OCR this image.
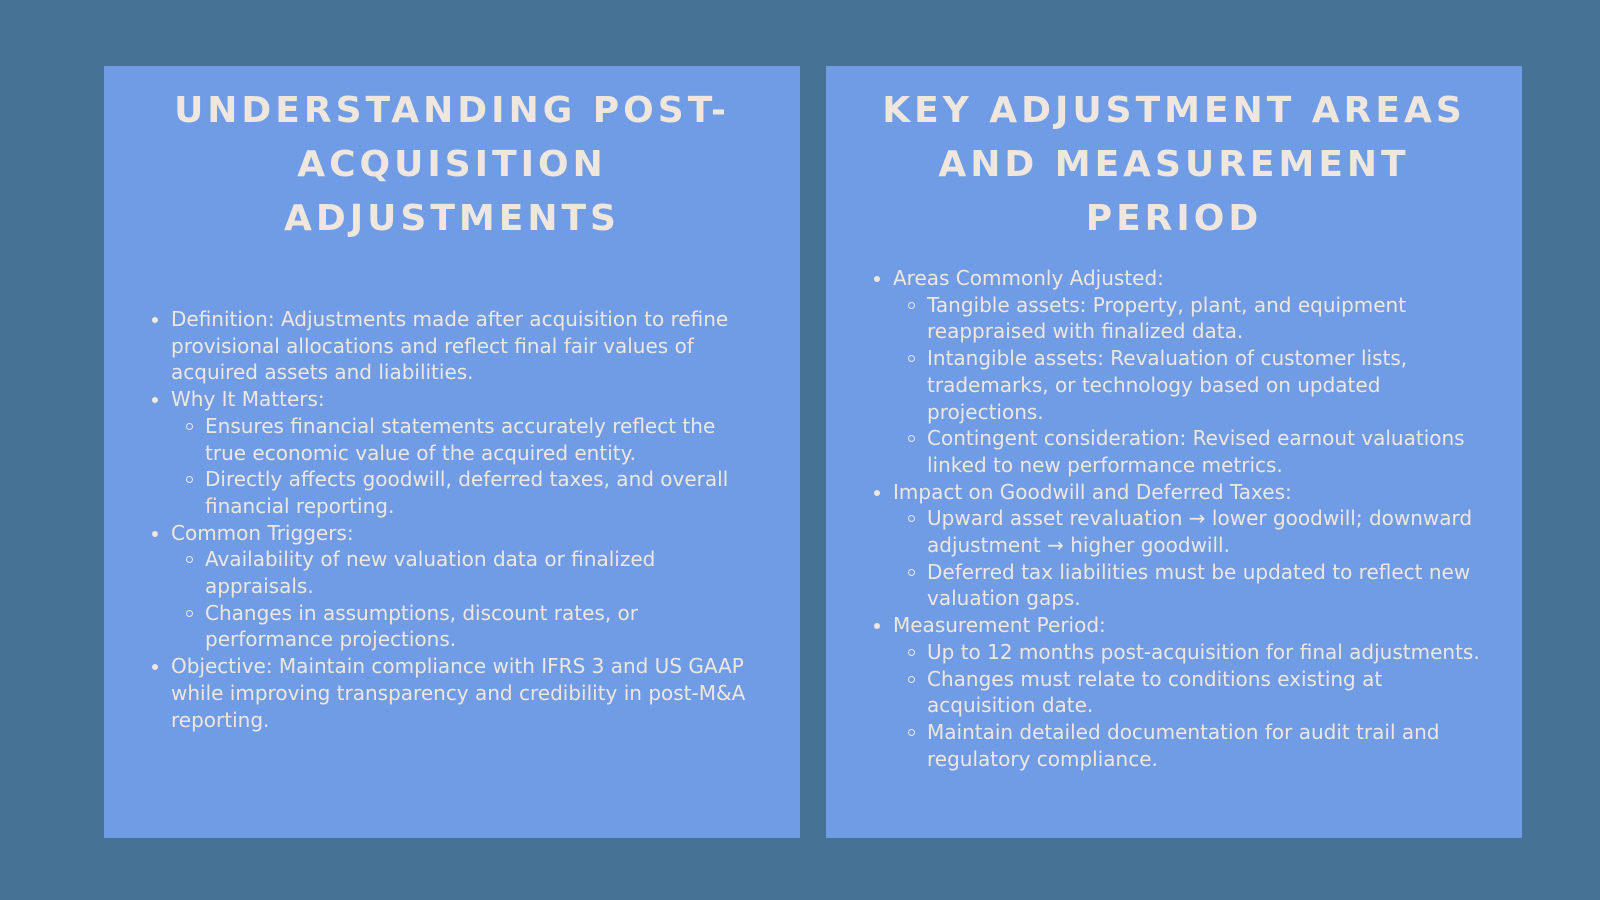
UNDERSTANDING POST-ACQUISITION ADJUSTMENTS
Definition: Adjustments made after acquisition to refine provisional allocations and reflect final fair values of acquired assets and liabilities.
Why It Matters:
Ensures financial statements accurately reflect the true economic value of the acquired entity.
Directly affects goodwill, deferred taxes, and overall financial reporting.
Common Triggers:
Availability of new valuation data or finalized appraisals.
Changes in assumptions, discount rates, or performance projections.
Objective: Maintain compliance with IFRS 3 and US GAAP while improving transparency and credibility in post-M&A reporting.
KEY ADJUSTMENT AREAS AND MEASUREMENT PERIOD
Areas Commonly Adjusted:
Tangible assets: Property, plant, and equipment reappraised with finalized data.
Intangible assets: Revaluation of customer lists, trademarks, or technology based on updated projections.
Contingent consideration: Revised earnout valuations linked to new performance metrics.
Impact on Goodwill and Deferred Taxes:
Upward asset revaluation → lower goodwill; downward adjustment → higher goodwill.
Deferred tax liabilities must be updated to reflect new valuation gaps.
Measurement Period:
Up to 12 months post-acquisition for final adjustments.
Changes must relate to conditions existing at acquisition date.
Maintain detailed documentation for audit trail and regulatory compliance.
